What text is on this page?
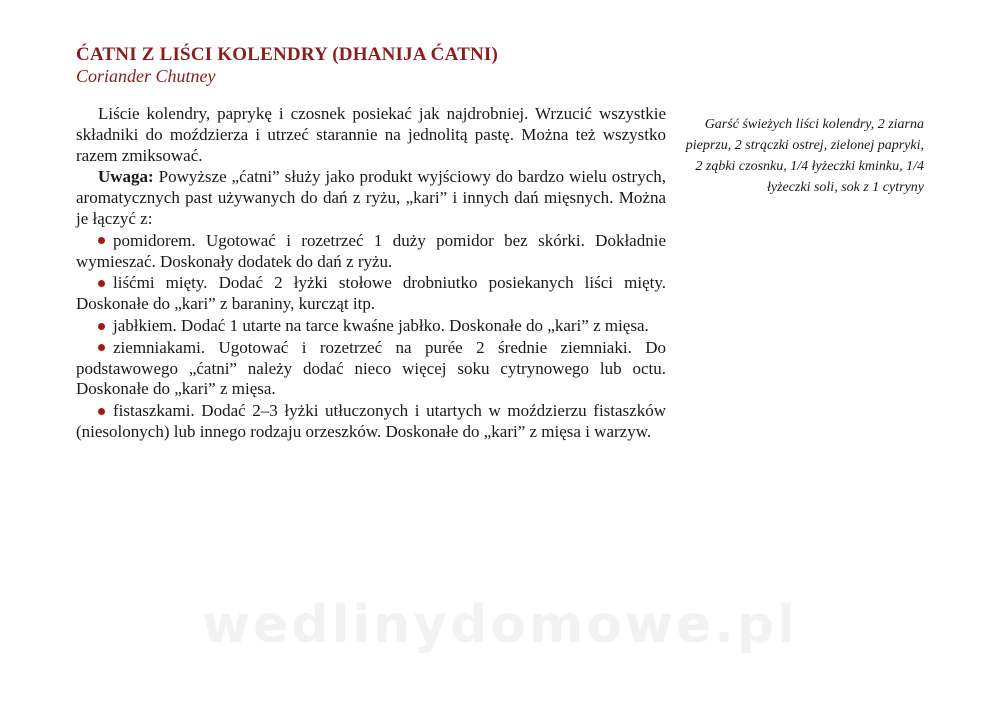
ĆATNI Z LIŚCI KOLENDRY (DHANIJA ĆATNI)
Coriander Chutney

Liście kolendry, paprykę i czosnek posiekać jak najdrobniej. Wrzucić wszystkie składniki do moździerza i utrzeć starannie na jednolitą pastę. Można też wszystko razem zmiksować.

Uwaga: Powyższe „ćatni” służy jako produkt wyjściowy do bardzo wielu ostrych, aromatycznych past używanych do dań z ryżu, „kari” i innych dań mięsnych. Można je łączyć z:

pomidorem. Ugotować i rozetrzeć 1 duży pomidor bez skórki. Dokładnie wymieszać. Doskonały dodatek do dań z ryżu.

liśćmi mięty. Dodać 2 łyżki stołowe drobniutko posiekanych liści mięty. Doskonałe do „kari” z baraniny, kurcząt itp.

jabłkiem. Dodać 1 utarte na tarce kwaśne jabłko. Doskonałe do „kari” z mięsa.

ziemniakami. Ugotować i rozetrzeć na purée 2 średnie ziemniaki. Do podstawowego „ćatni” należy dodać nieco więcej soku cytrynowego lub octu. Doskonałe do „kari” z mięsa.

fistaszkami. Dodać 2–3 łyżki utłuczonych i utartych w moździerzu fistaszków (niesolonych) lub innego rodzaju orzeszków. Doskonałe do „kari” z mięsa i warzyw.

Garść świeżych liści kolendry, 2 ziarna pieprzu, 2 strączki ostrej, zielonej papryki, 2 ząbki czosnku, 1/4 łyżeczki kminku, 1/4 łyżeczki soli, sok z 1 cytryny
wedlinydomowe.pl
